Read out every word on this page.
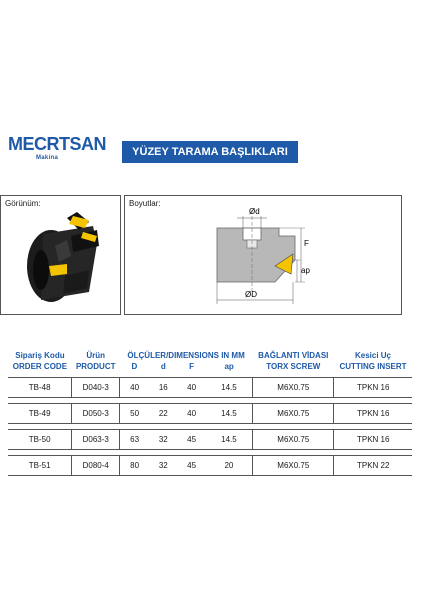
MECRTSAN
Makina	YÜZEY TARAMA BAŞLIKLARI
Görünüm:	Boyutlar:
Ød
F
ap
ØD
Sipariş Kodu	Ürün	ÖLÇÜLER/DIMENSIONS IN MM				BAĞLANTI VİDASI	Kesici Uç
ORDER CODE	PRODUCT	D	d	F	ap	TORX SCREW	CUTTING INSERT

TB-48	D040-3	40	16	40	14.5	M6X0.75	TPKN 16

TB-49	D050-3	50	22	40	14.5	M6X0.75	TPKN 16

TB-50	D063-3	63	32	45	14.5	M6X0.75	TPKN 16

TB-51	D080-4	80	32	45	20	M6X0.75	TPKN 22
